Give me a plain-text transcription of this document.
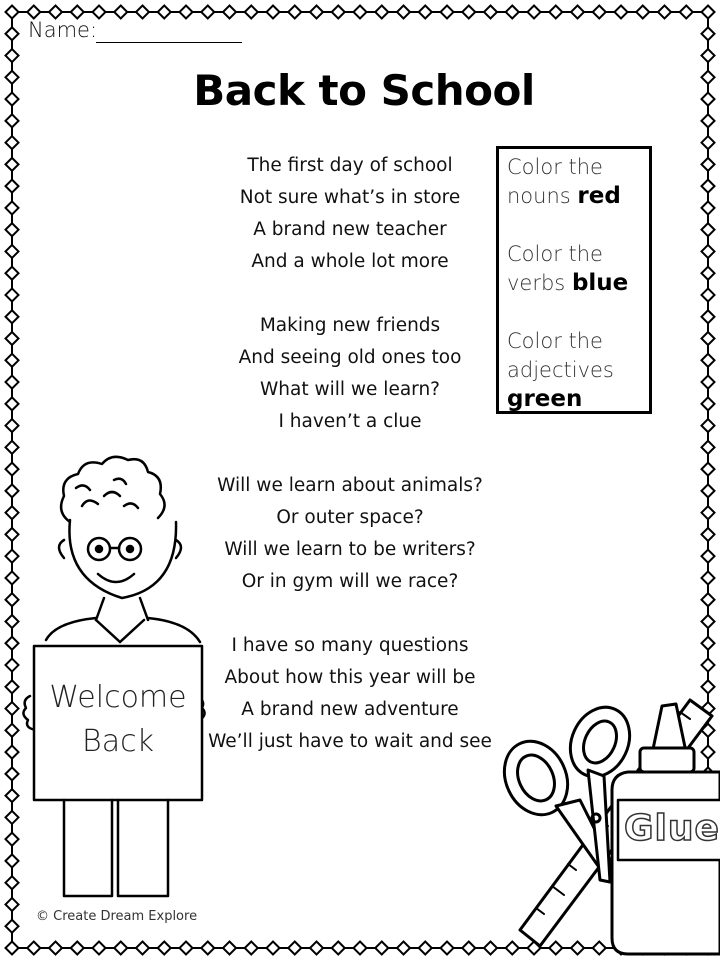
Name:
Back to School
The first day of school
Not sure what’s in store
A brand new teacher
And a whole lot more
Making new friends
And seeing old ones too
What will we learn?
I haven’t a clue
Will we learn about animals?
Or outer space?
Will we learn to be writers?
Or in gym will we race?
I have so many questions
About how this year will be
A brand new adventure
We’ll just have to wait and see
Color the
nouns red
Color the
verbs blue
Color the
adjectives
green
Welcome
Back
Glue
© Create Dream Explore
